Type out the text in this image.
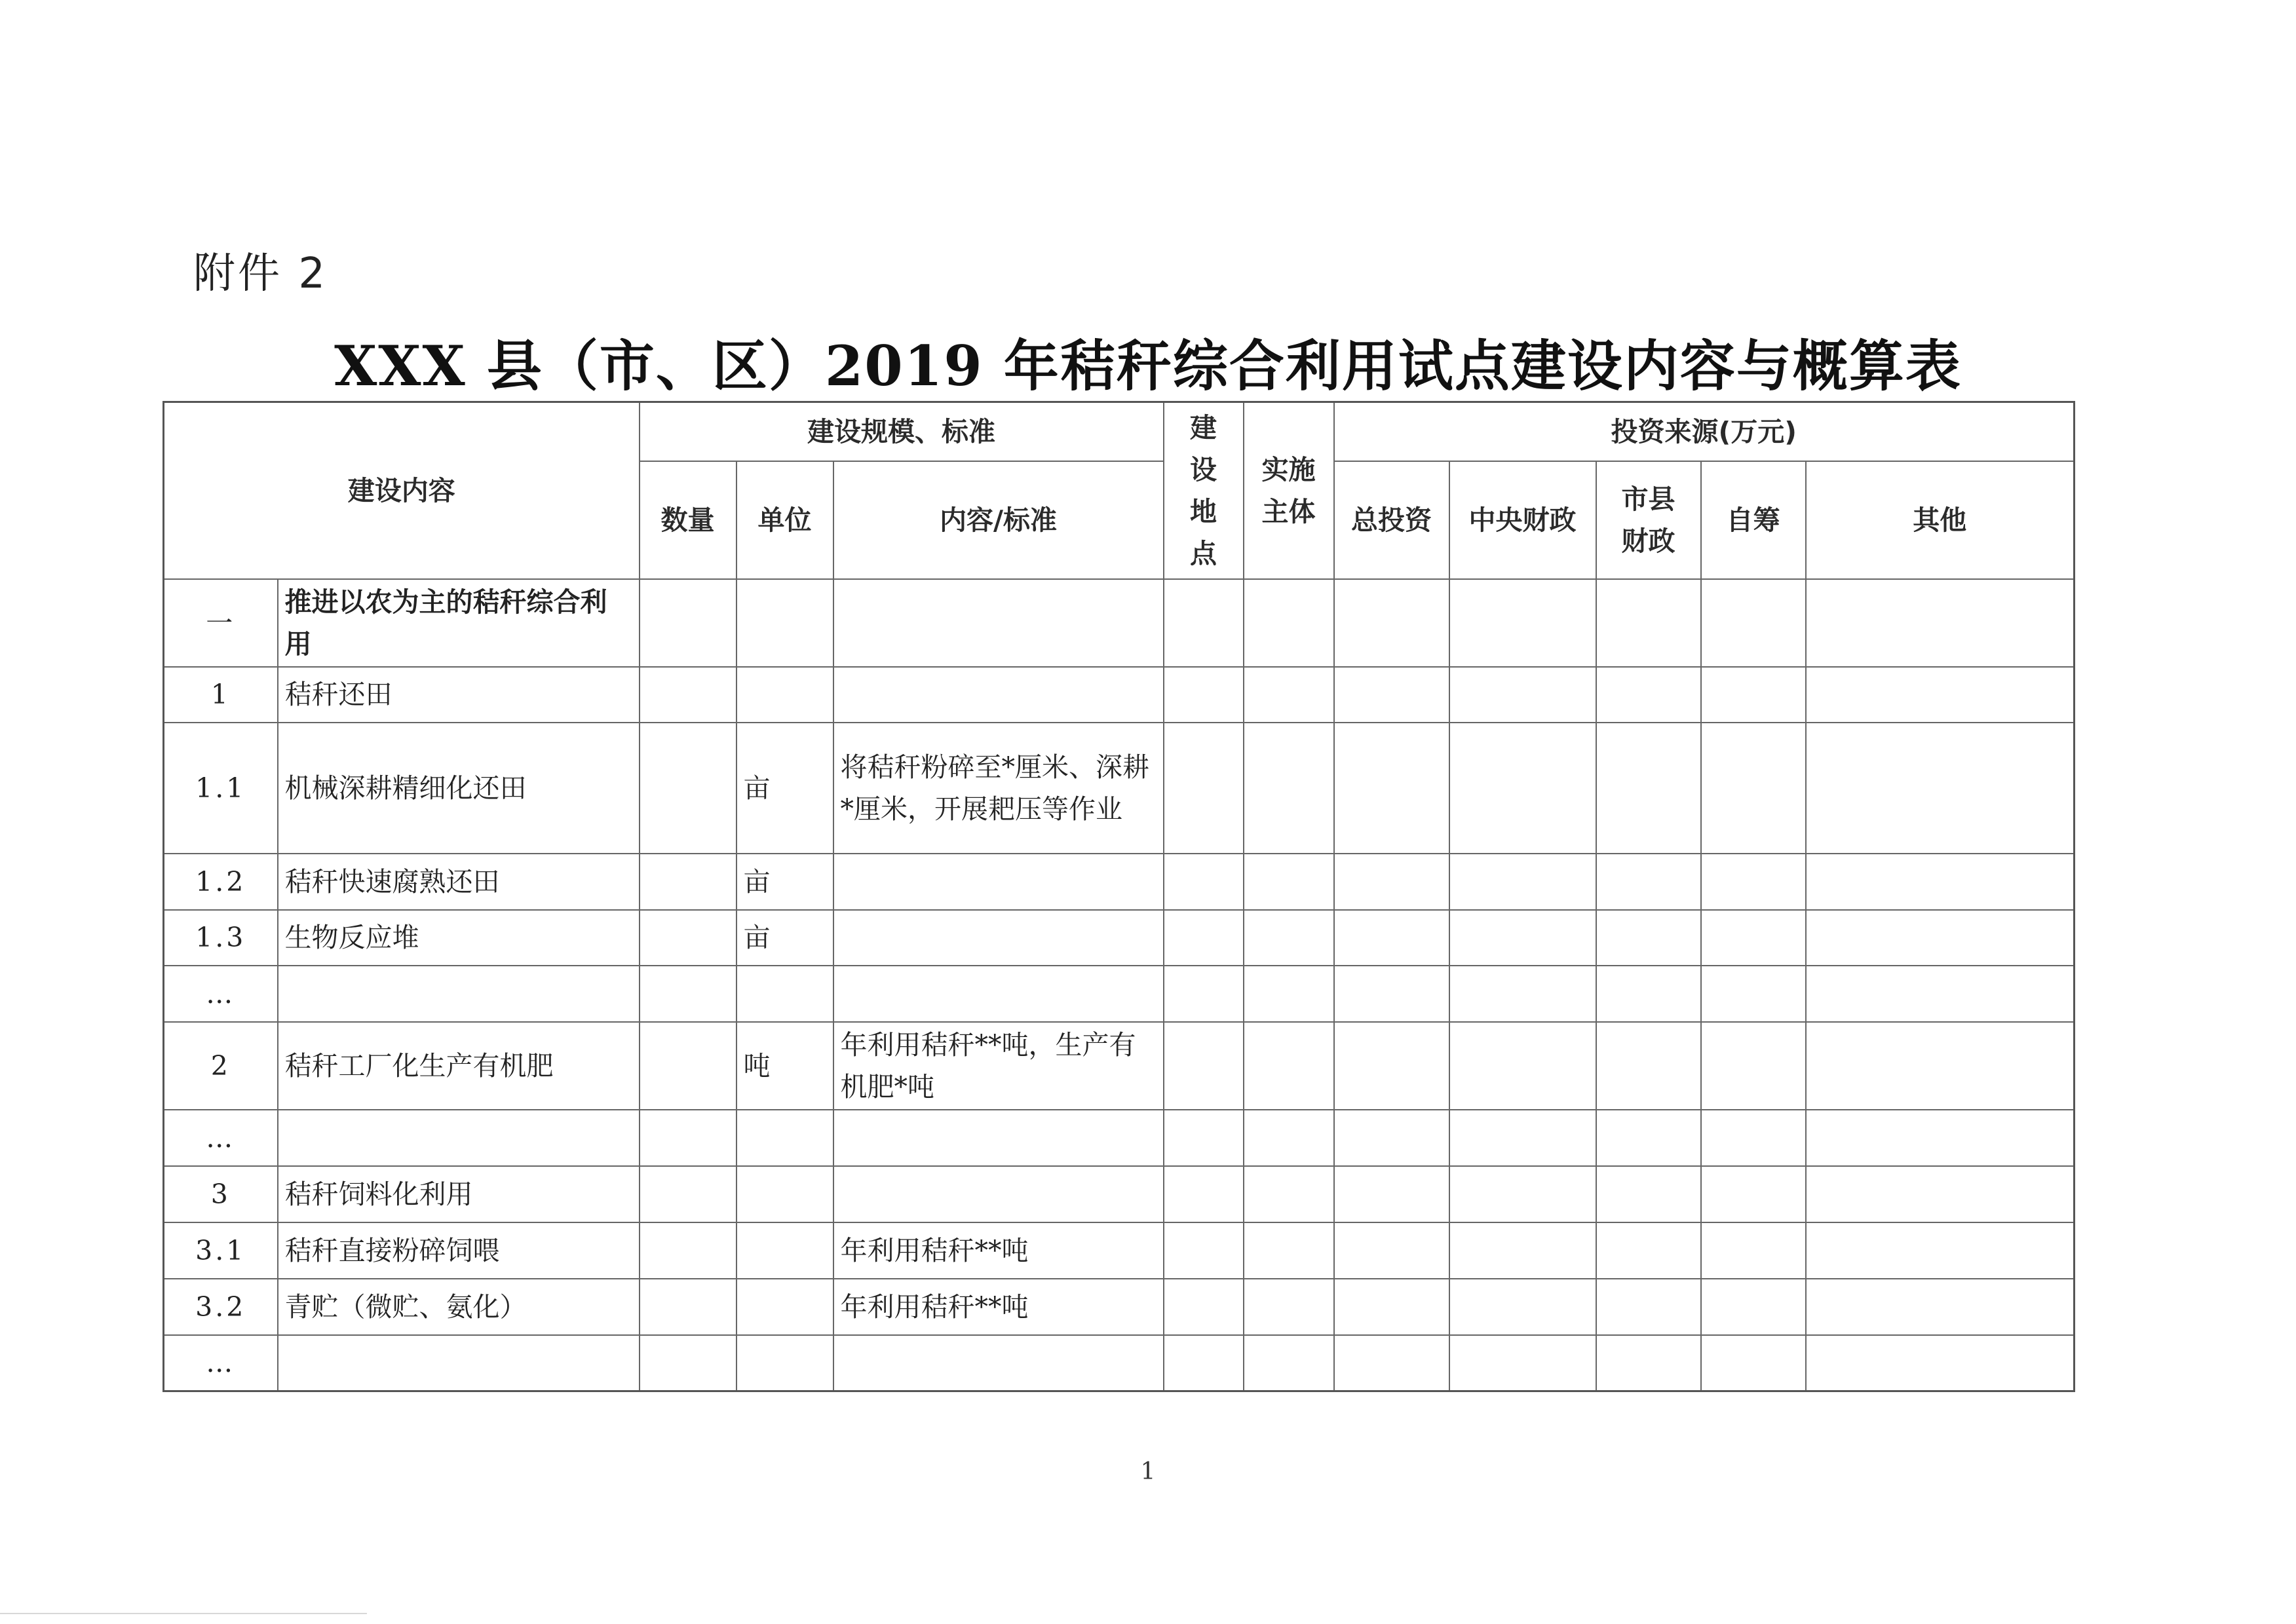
附件 2
XXX 县（市、区）2019 年秸秆综合利用试点建设内容与概算表
建设内容		建设规模、标准			建设地点	实施主体	投资来源(万元)				
		数量	单位	内容/标准			总投资	中央财政	市县财政	自筹	其他
一	推进以农为主的秸秆综合利用										
1	秸秆还田										
1.1	机械深耕精细化还田		亩	将秸秆粉碎至*厘米、深耕*厘米，开展耙压等作业							
1.2	秸秆快速腐熟还田		亩								
1.3	生物反应堆		亩								
…											
2	秸秆工厂化生产有机肥		吨	年利用秸秆**吨，生产有机肥*吨							
…											
3	秸秆饲料化利用										
3.1	秸秆直接粉碎饲喂			年利用秸秆**吨							
3.2	青贮（微贮、氨化）			年利用秸秆**吨							
…											
1
